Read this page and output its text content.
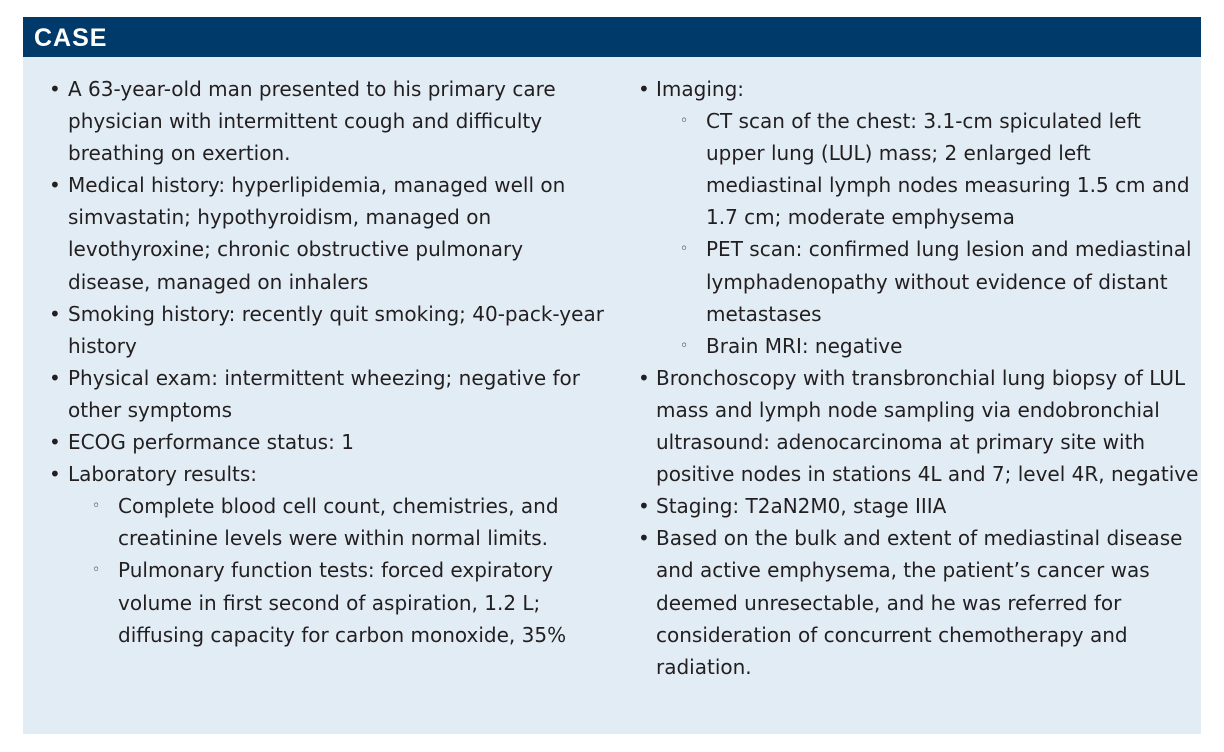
CASE
• A 63-year-old man presented to his primary care physician with intermittent cough and difficulty breathing on exertion.
• Medical history: hyperlipidemia, managed well on simvastatin; hypothyroidism, managed on levothyroxine; chronic obstructive pulmonary disease, managed on inhalers
• Smoking history: recently quit smoking; 40-pack-year history
• Physical exam: intermittent wheezing; negative for other symptoms
• ECOG performance status: 1
• Laboratory results:
◦ Complete blood cell count, chemistries, and creatinine levels were within normal limits.
◦ Pulmonary function tests: forced expiratory volume in first second of aspiration, 1.2 L; diffusing capacity for carbon monoxide, 35%
• Imaging:
◦ CT scan of the chest: 3.1-cm spiculated left upper lung (LUL) mass; 2 enlarged left mediastinal lymph nodes measuring 1.5 cm and 1.7 cm; moderate emphysema
◦ PET scan: confirmed lung lesion and mediastinal lymphadenopathy without evidence of distant metastases
◦ Brain MRI: negative
• Bronchoscopy with transbronchial lung biopsy of LUL mass and lymph node sampling via endobronchial ultrasound: adenocarcinoma at primary site with positive nodes in stations 4L and 7; level 4R, negative
• Staging: T2aN2M0, stage IIIA
• Based on the bulk and extent of mediastinal disease and active emphysema, the patient’s cancer was deemed unresectable, and he was referred for consideration of concurrent chemotherapy and radiation.
